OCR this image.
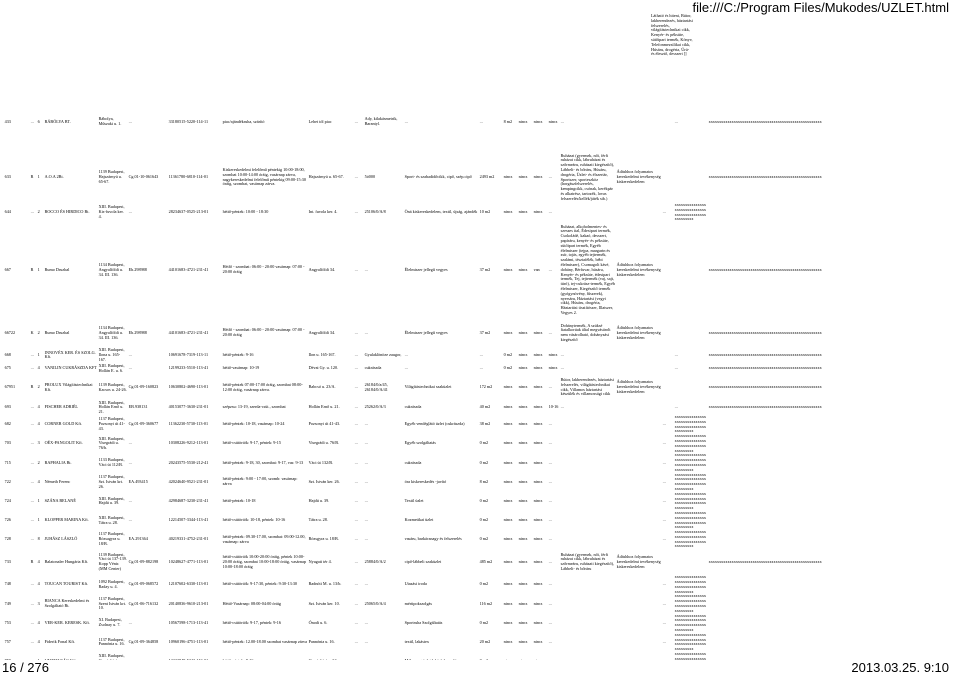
file:///C:/Program Files/Mukodes/UZLET.html
Látható és hiteni, Bútor, lakberendezés, háztartási felszerelés, világítástechnikai cikk, Kenyér- és péksüte, sütőipari termék, Könyv, Telefonmezsilikai cikk, Húsáru, drogéria, Ürü- és élesztő, desszert []
433	...	6	RÁBÓLYA BT.	Rábolya, Műszaki u. 1.	...	33180515-5220-114-11	piac/ajándékruha, szárító	Lehet tól piac	...	Ady, kilakásmetrik, Barantyl.	...	...	8 m2	nincs	nincs	nincs	...			...	xxxxxxxxxxxxxxxxxxxxxxxxxxxxxxxxxxxxxxxxxxxxxxxxxxxxxx	
633	R	1	A.O.A 2Bt.	1139 Budapest, Hajszárnyú u. 65-67.	Cg.01-10-061643	11361780-6810-114-01	Kiskereskedelmi felelőmű péntekig 10:00-18:00, szombat 10:00-14:00 óráig, vasárnap zárva, nagykereskedelmi felelőmű péntekig 09:00-15:30 óráig, szombat, vasárnap zárva.	Hajszárnyú u. 65-67.	...	5ö000	Sport- és szabadidőcikk, cipő, szép.cipő	2493 m2	nincs	nincs	nincs	...	Ruházat (gyermek, női, férfi ruházat cikk, lábruházat és szőrmeáru, ruházati kiegészítő), Lábbeli- és bőráru, Húsáru, drogéria, Üzlet- és élszertár, Sportszer, sporteszköz (horgászfelszerelés, kempingcikk, csónak, kerékpár és alkatrész, tartozék, lovas felszerelés/kellék/játék stb.)	Ádáshhoz folyamatos kereskedelmi tevékenység kiskereskedelem			xxxxxxxxxxxxxxxxxxxxxxxxxxxxxxxxxxxxxxxxxxxxxxxxxxxxxx	
644	...	2	ROCCO ÉS HIRDICO Bt.	XIII. Budapest, Kis-fuvola ker. 4.	...	28234637-0525-213-01	héttő-péntek: 10:00 - 18:30	Int. fuvola ker. 4.	...	25106/0/A/8	Öná kiskereskedelem, textil, újság, ajándék	10 m2	nincs	nincs	nincs	...			...	xxxxxxxxxxxxxxxxxxxxxxxxxxxxxxxxxxxxxxxxxxxxxxxxxxxxxx		
667	R	1	Rumo Druzbal	1134 Budapest, Angyalföldi u. 34. III. 136.	Eb.298988	44101683-4721-231-41	Hétfő - szombat: 06:00 - 20:00 vasárnap: 07:00 - 20:00 óráig	Angyalföldi 34.	...	...	Élelmiszer jellegű vegyes	37 m2	nincs	nincs	van	...	Ruházat, alkoholmentes- és szeszes ital, Édesipari termék, Csokoládé, kakaó, desszert, papíráru, kenyér- és péksüte, sütőipari termék, Egyéb élelmiszer (tejpa, margarin és zsír, tojás, egyéb tejtermék, szalámi, tésztafélék, bébi élelmiszer), Csomagolt kávé, dohány, Bérfuvar, húsáru, Kenyér- és péksüte, édesipari termék, Tej, tejtermék (vaj, sajt, túró), tej-cukrász-termék, Egyéb élelmiszer, Kiegészítő termék (gyógynövény, fűszerek), nyersáru, Háztartási (vegyi cikk), Húsáru, drogéria, Háztartási tisztítószer, Illatszer, Vegyes 2.	Ádáshhoz folyamatos kereskedelmi tevékenység kiskereskedelem			xxxxxxxxxxxxxxxxxxxxxxxxxxxxxxxxxxxxxxxxxxxxxxxxxxxxxx	
66722	K	2	Rumo Druzbal	1134 Budapest, Angyalföldi u. 34. III. 136.	Eb.298988	44101683-4721-231-41	Hétfő - szombat: 06:00 - 20:00 vasárnap: 07:00 - 20:00 óráig	Angyalföldi 34.	...	...	Élelmiszer jellegű vegyes	37 m2	nincs	nincs	nincs	...	Dohánytermék, A szüksé fiatalkorúak által megvásárolt nem vásárolható, dohányzási kiegészítő	Ádáshhoz folyamatos kereskedelmi tevékenység kiskereskedelem			xxxxxxxxxxxxxxxxxxxxxxxxxxxxxxxxxxxxxxxxxxxxxxxxxxxxxx	
668	...	1	INNOVÉX KER. ÉS SZOLG. Kft.	XIII. Budapest, Ilona u. 165-167.	...	10691678-7319-113-11	héttő-péntek: 9-16	Ilon u. 165-167.	...	Gyulaklönöze zaugor,	...	...	0 m2	nincs	nincs	nincs	...			...	xxxxxxxxxxxxxxxxxxxxxxxxxxxxxxxxxxxxxxxxxxxxxxxxxxxxxx	
675	...	4	VANILIN CUKRÁSZDA KFT	XIII. Budapest, Hollán E. u. 6.	...	12199233-5510-113-41	héttő-vasárnap: 10-19	Dévai Gy. u. 120.	...	cukrászda	...	...	0 m2	nincs	nincs	nincs	...			...	xxxxxxxxxxxxxxxxxxxxxxxxxxxxxxxxxxxxxxxxxxxxxxxxxxxxxx	
67951	R	2	PROLUX Világítástechnikai Kft.	1139 Budapest, Kacsos u. 24-26.	Cg.01-09-160823	10630802-4690-113-01	héttő-péntek 07:00-17:00 óráig, szombat 08:00-12:00 óráig, vasárnap zárva.	Babcsó u. 23/A.	...	26184/0/a/45, 26184/0/A/41	Világítástechnikai szaküzlet	172 m2	nincs	nincs	nincs	...	Bútor, lakberendezés, háztartási felszerelés, világítástechnikai cikk, Villamos háztartási készülék és villamossági cikk	Ádáshhoz folyamatos kereskedelmi tevékenység kiskereskedelem			xxxxxxxxxxxxxxxxxxxxxxxxxxxxxxxxxxxxxxxxxxxxxxxxxxxxxx	
693	...	4	FISCHER ADRIÉL	XIII. Budapest, Hollán Ernő u. 21.	EB.938131	40153077-3630-231-01	szépzsu: 13-19, szerda-csüt., szombat	Hollán Ernő u. 21.	...	25262/0/A/3	cukrászda	40 m2	nincs	nincs	nincs	10-16	...			...	xxxxxxxxxxxxxxxxxxxxxxxxxxxxxxxxxxxxxxxxxxxxxxxxxxxxxx	
682	...	4	CORNER GOLD Kft.	1137 Budapest, Pozsonyi út 41-43.	Cg.01-09-360677	11362230-5730-113-01	héttő-péntek: 10-18, vasárnap: 10-24	Pozsonyi út 41-43.	...	...	Egyéb vendéglátó üzlet (cukrászda)	38 m2	nincs	nincs	nincs	...			...	xxxxxxxxxxxxxxxxxxxxxxxxxxxxxxxxxxxxxxxxxxxxxxxxxxxxxx		
703	...	3	OÉX-PANGOLIT Kft.	XIII. Budapest, Visegrádi u. 76/b.	...	10308226-9212-113-01	héttő-csütörtök: 9-17, péntek: 9-15	Visegrádi u. 76/B.	...	...	Egyéb szolgáltatás	0 m2	nincs	nincs	nincs	...			...	xxxxxxxxxxxxxxxxxxxxxxxxxxxxxxxxxxxxxxxxxxxxxxxxxxxxxx		
715	...	2	RAPHALIA Bt.	1133 Budapest, Váci út 112/B.	...	20243575-5530-212-41	héttő-péntek: 9-18, 30, szombat: 9-17, vas: 9-13	Váci út 132/B.	...	...	cukrászda	0 m2	nincs	nincs	nincs	...			...	xxxxxxxxxxxxxxxxxxxxxxxxxxxxxxxxxxxxxxxxxxxxxxxxxxxxxx		
722	...	4	Németh Ferenc	1137 Budapest, Szt. István krt. 26.	EA.493415	42024640-9521-231-01	héttő-péntek: 9:00 - 17:00, szomb: vasárnap: zárva	Szt. István ker. 26.	...	...	óra kiskereskedés -javító	8 m2	nincs	nincs	nincs	...			...	xxxxxxxxxxxxxxxxxxxxxxxxxxxxxxxxxxxxxxxxxxxxxxxxxxxxxx		
724	...	1	SZÁNA BELANÉ	XIII. Budapest, Hajdú u. 39.	...	42984687-3230-231-41	héttő-péntek: 10-18	Hajdú u. 39.	...	...	Textil üzlet	0 m2	nincs	nincs	nincs	...			...	xxxxxxxxxxxxxxxxxxxxxxxxxxxxxxxxxxxxxxxxxxxxxxxxxxxxxx		
726	...	1	KLOPPER MARINA Kft.	XIII. Budapest, Tátra u. 28.	...	12214507-3344-113-41	héttő-csütörtök: 10-18, péntek: 10-16	Tátra u. 28.	...	...	Kozmetikai üzlet	0 m2	nincs	nincs	nincs	...			...	xxxxxxxxxxxxxxxxxxxxxxxxxxxxxxxxxxxxxxxxxxxxxxxxxxxxxx		
728	...	8	JUHÁSZ LÁSZLÓ	1137 Budapest, Rózsagyra u. 18/B.	EA.291364	40219331-4752-231-01	héttő-péntek: 09.30-17.00, szombat: 09.00-12.00, vasárnap: zárva	Rózsgyra u. 18/B.	...	...	vasáru, barkácsnagy és felszerelés	0 m2	nincs	nincs	nincs	...			...	xxxxxxxxxxxxxxxxxxxxxxxxxxxxxxxxxxxxxxxxxxxxxxxxxxxxxx		
733	R	4	Balatonaler Hungária Kft.	1139 Budapest, Váci út 137-139. Kopp Vénir. (MM Center)	Cg.01-09-882198	10248627-4771-113-01	héttő-csütörtök 10:00-20:00 óráig, péntek 10:00-20:00 óráig, szombat 10:00-18:00 óráig, vasárnap 10:00-18:00 óráig	Nyugati tér 4.	...	25884/0/A/2	cipő-lábbeli szaküzlet	485 m2	nincs	nincs	nincs	...	Ruházat (gyermek, női, férfi ruházat cikk, lábruházat és szőrmeáru, ruházati kiegészítő), Lábbeli- és bőráru	Ádáshhoz folyamatos kereskedelmi tevékenység kiskereskedelem			xxxxxxxxxxxxxxxxxxxxxxxxxxxxxxxxxxxxxxxxxxxxxxxxxxxxxx	
748	...	4	TOUCAN TOURIST Kft.	1092 Budapest, Raday u. 4.	Cg.01-09-068572	12107602-6330-113-01	héttő-csütörtök: 9-17:30, péntek: 9:30-13:30	Radnóti M. u. 13/b.	...	...	Utazási iroda	0 m2	nincs	nincs	nincs	...			...	xxxxxxxxxxxxxxxxxxxxxxxxxxxxxxxxxxxxxxxxxxxxxxxxxxxxxx		
749	...	3	BIANCA Kereskedelmi és Szolgáltató Bt.	1137 Budapest, Szent István krt. 10.	Cg.01-06-716132	20140836-9610-213-01	Héttő-Vasárnap: 08:00-04:00 óráig	Szt. István ker. 10.	...	25065/0/A/4	mértipokszolgás	116 m2	nincs	nincs	nincs	...			...	xxxxxxxxxxxxxxxxxxxxxxxxxxxxxxxxxxxxxxxxxxxxxxxxxxxxxx		
753	...	4	VER-KER. KERESK. Kft.	XI. Budapest, Zsolnay u. 7.	...	10567598-1713-113-41	héttő-csütörtök: 9-17, péntek: 9-16	Ónodi u. 6.	...	...	Sportruha Szolgáltatás	0 m2	nincs	nincs	nincs	...			...	xxxxxxxxxxxxxxxxxxxxxxxxxxxxxxxxxxxxxxxxxxxxxxxxxxxxxx		
757	...	4	Fiderik Fonal Kft.	1137 Budapest, Pannónia u. 16.	Cg.01-09-364858	10960196-4751-113-01	héttő-péntek: 12.00-18.00 szombat vasárnap zárva	Pannónia u. 16.	...	...	textil, lakástex	20 m2	nincs	nincs	nincs	...			...	xxxxxxxxxxxxxxxxxxxxxxxxxxxxxxxxxxxxxxxxxxxxxxxxxxxxxx		
				XIII. Budapest,																xxxxxxxxxxxxxxxxxxxxxxxxxxxxxx		

16 / 276	2013.03.25. 9:10
